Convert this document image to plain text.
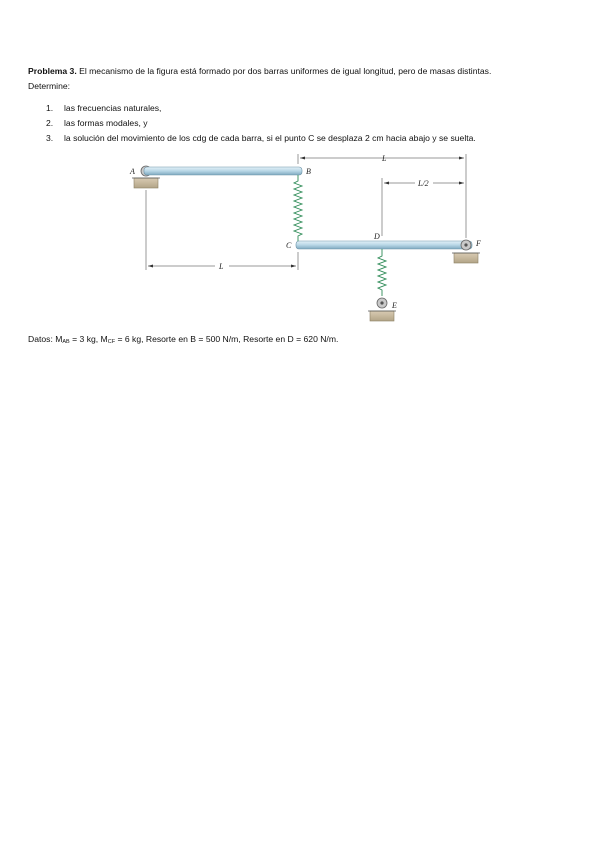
Problema 3. El mecanismo de la figura está formado por dos barras uniformes de igual longitud, pero de masas distintas.
Determine:
1. las frecuencias naturales,
2. las formas modales, y
3. la solución del movimiento de los cdg de cada barra, si el punto C se desplaza 2 cm hacia abajo y se suelta.
A	B
C
D
E
F
L
L/2
L
Datos: $M_{AB} = 3$ kg, $M_{CF} = 6$ kg, Resorte en B = 500 N/m, Resorte en D = 620 N/m.
